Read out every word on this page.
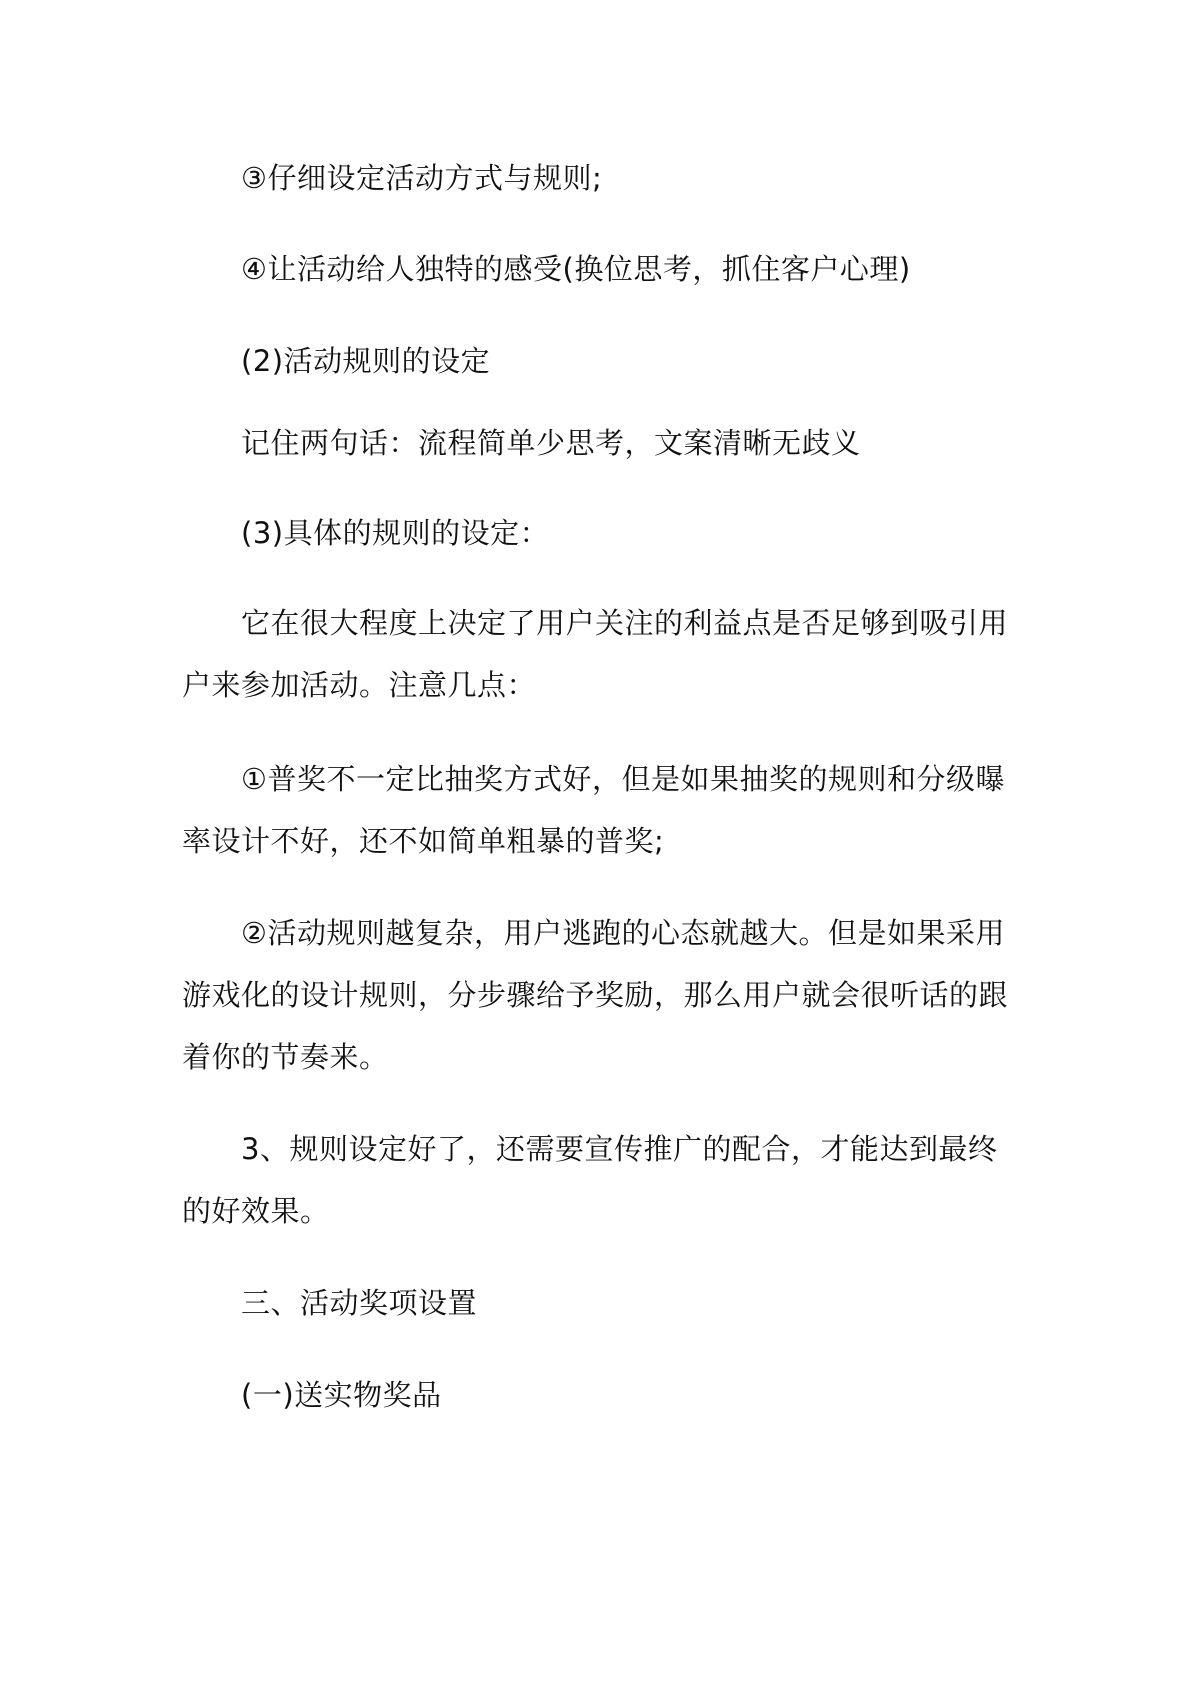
　　③仔细设定活动方式与规则;

　　④让活动给人独特的感受(换位思考，抓住客户心理)

　　(2)活动规则的设定

　　记住两句话：流程简单少思考，文案清晰无歧义

　　(3)具体的规则的设定：

　　它在很大程度上决定了用户关注的利益点是否足够到吸引用户来参加活动。注意几点：

　　①普奖不一定比抽奖方式好，但是如果抽奖的规则和分级曝率设计不好，还不如简单粗暴的普奖;

　　②活动规则越复杂，用户逃跑的心态就越大。但是如果采用游戏化的设计规则，分步骤给予奖励，那么用户就会很听话的跟着你的节奏来。

　　3、规则设定好了，还需要宣传推广的配合，才能达到最终的好效果。

　　三、活动奖项设置

　　(一)送实物奖品
